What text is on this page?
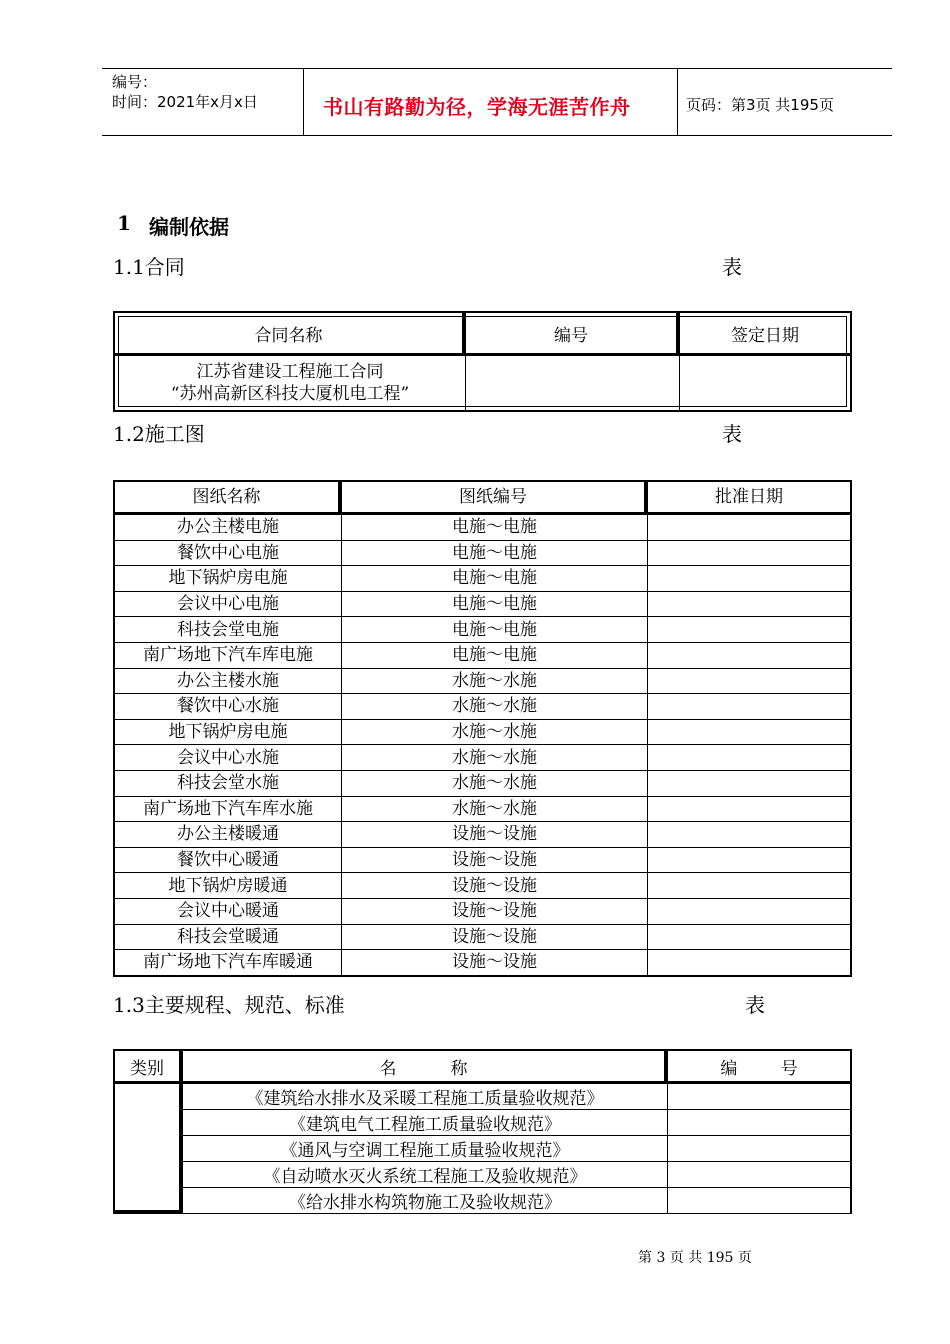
编号：
时间：2021年x月x日	书山有路勤为径，学海无涯苦作舟	页码：第3页 共195页
1 编制依据
1.1合同	表
合同名称	编号	签定日期

江苏省建设工程施工合同
“苏州高新区科技大厦机电工程”		

1.2施工图	表
图纸名称	图纸编号	批准日期
办公主楼电施	电施～电施	
餐饮中心电施	电施～电施	
地下锅炉房电施	电施～电施	
会议中心电施	电施～电施	
科技会堂电施	电施～电施	
南广场地下汽车库电施	电施～电施	
办公主楼水施	水施～水施	
餐饮中心水施	水施～水施	
地下锅炉房电施	水施～水施	
会议中心水施	水施～水施	
科技会堂水施	水施～水施	
南广场地下汽车库水施	水施～水施	
办公主楼暖通	设施～设施	
餐饮中心暖通	设施～设施	
地下锅炉房暖通	设施～设施	
会议中心暖通	设施～设施	
科技会堂暖通	设施～设施	
南广场地下汽车库暖通	设施～设施	
1.3主要规程、规范、标准	表
类别	名          称	编        号
	《建筑给水排水及采暖工程施工质量验收规范》	
	《建筑电气工程施工质量验收规范》	
	《通风与空调工程施工质量验收规范》	
	《自动喷水灭火系统工程施工及验收规范》	
	《给水排水构筑物施工及验收规范》	
第 3 页 共 195 页
